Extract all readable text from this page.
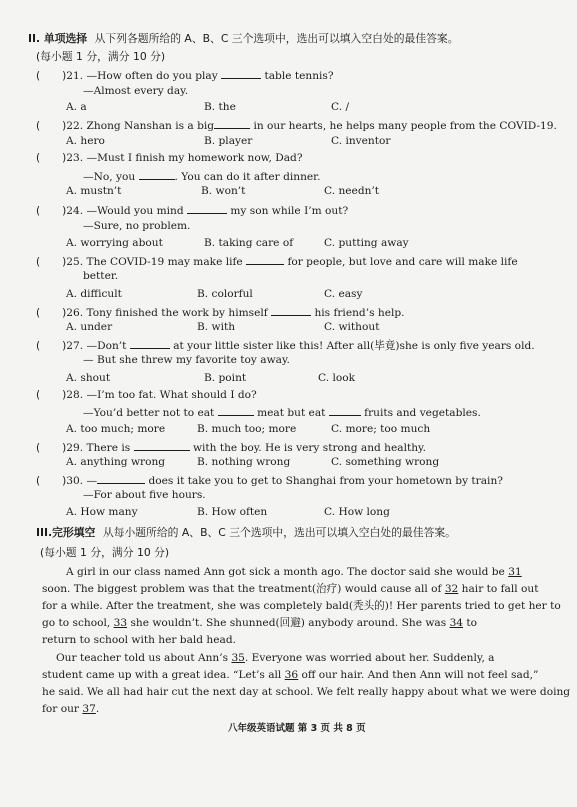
II. 单项选择 从下列各题所给的 A、B、C 三个选项中，选出可以填入空白处的最佳答案。
(每小题 1 分，满分 10 分)
( )21. —How often do you play	table tennis?
—Almost every day.
A. a	B. the	C. /
( )22. Zhong Nanshan is a big	in our hearts, he helps many people from the COVID-19.
A. hero	B. player	C. inventor
( )23. —Must I finish my homework now, Dad?
—No, you	. You can do it after dinner.
A. mustn’t	B. won’t	C. needn’t
( )24. —Would you mind	my son while I’m out?
—Sure, no problem.
A. worrying about	B. taking care of	C. putting away
( )25. The COVID-19 may make life	for people, but love and care will make life
better.
A. difficult	B. colorful	C. easy
( )26. Tony finished the work by himself	his friend’s help.
A. under	B. with	C. without
( )27. —Don’t	at your little sister like this! After all(毕竟)she is only five years old.
— But she threw my favorite toy away.
A. shout	B. point	C. look
( )28. —I’m too fat. What should I do?
—You’d better not to eat	meat but eat	fruits and vegetables.
A. too much; more	B. much too; more	C. more; too much
( )29. There is	with the boy. He is very strong and healthy.
A. anything wrong	B. nothing wrong	C. something wrong
( )30. —	does it take you to get to Shanghai from your hometown by train?
—For about five hours.
A. How many	B. How often	C. How long
III.完形填空 从每小题所给的 A、B、C 三个选项中，选出可以填入空白处的最佳答案。
(每小题 1 分，满分 10 分)
A girl in our class named Ann got sick a month ago. The doctor said she would be 31
soon. The biggest problem was that the treatment(治疗) would cause all of 32 hair to fall out
for a while. After the treatment, she was completely bald(秃头的)! Her parents tried to get her to
go to school, 33 she wouldn’t. She shunned(回避) anybody around. She was 34 to
return to school with her bald head.
Our teacher told us about Ann’s 35. Everyone was worried about her. Suddenly, a
student came up with a great idea. “Let’s all 36 off our hair. And then Ann will not feel sad,”
he said. We all had hair cut the next day at school. We felt really happy about what we were doing
for our 37.
八年级英语试题 第 3 页 共 8 页
